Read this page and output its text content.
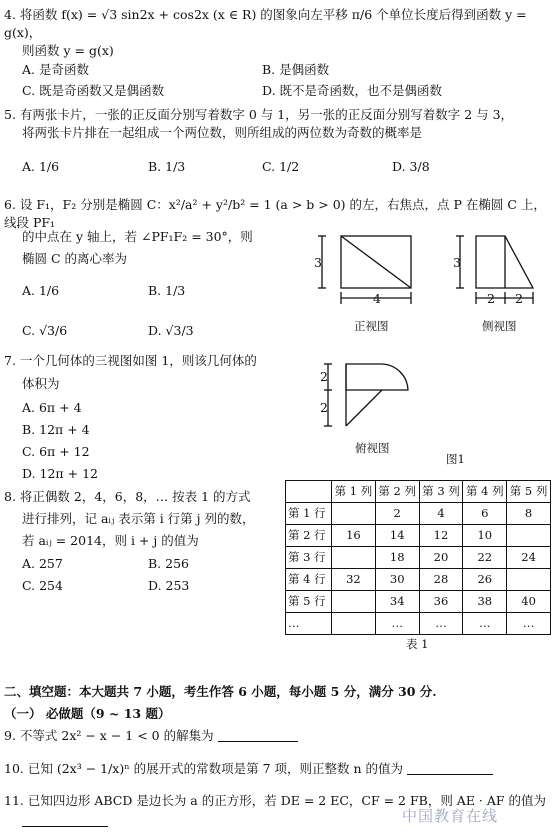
4. 将函数 f(x) = √3 sin2x + cos2x (x ∈ R) 的图象向左平移 π/6 个单位长度后得到函数 y = g(x)，
则函数 y = g(x)
A. 是奇函数	B. 是偶函数
C. 既是奇函数又是偶函数	D. 既不是奇函数，也不是偶函数
5. 有两张卡片，一张的正反面分别写着数字 0 与 1，另一张的正反面分别写着数字 2 与 3，
将两张卡片排在一起组成一个两位数，则所组成的两位数为奇数的概率是
A. 1/6	B. 1/3	C. 1/2	D. 3/8
6. 设 F₁，F₂ 分别是椭圆 C：x²/a² + y²/b² = 1 (a > b > 0) 的左，右焦点，点 P 在椭圆 C 上，线段 PF₁
的中点在 y 轴上，若 ∠PF₁F₂ = 30°，则
椭圆 C 的离心率为
A. 1/6	B. 1/3
C. √3/6	D. √3/3
3
4
3
2 2
2
2
正视图	侧视图
俯视图
图1
7. 一个几何体的三视图如图 1，则该几何体的
体积为
A. 6π + 4
B. 12π + 4
C. 6π + 12
D. 12π + 12
8. 将正偶数 2，4，6，8，… 按表 1 的方式
进行排列，记 aᵢⱼ 表示第 i 行第 j 列的数，
若 aᵢⱼ = 2014，则 i + j 的值为
A. 257	B. 256
C. 254	D. 253
	第 1 列	第 2 列	第 3 列	第 4 列	第 5 列
第 1 行		2	4	6	8
第 2 行	16	14	12	10	
第 3 行		18	20	22	24
第 4 行	32	30	28	26	
第 5 行		34	36	38	40
…		…	…	…	…
表 1
二、填空题：本大题共 7 小题，考生作答 6 小题，每小题 5 分，满分 30 分.
（一） 必做题（9 ~ 13 题）
9. 不等式 2x² − x − 1 < 0 的解集为
10. 已知 (2x³ − 1/x)ⁿ 的展开式的常数项是第 7 项，则正整数 n 的值为
11. 已知四边形 ABCD 是边长为 a 的正方形，若 DE = 2 EC，CF = 2 FB，则 AE · AF 的值为
中国教育在线
